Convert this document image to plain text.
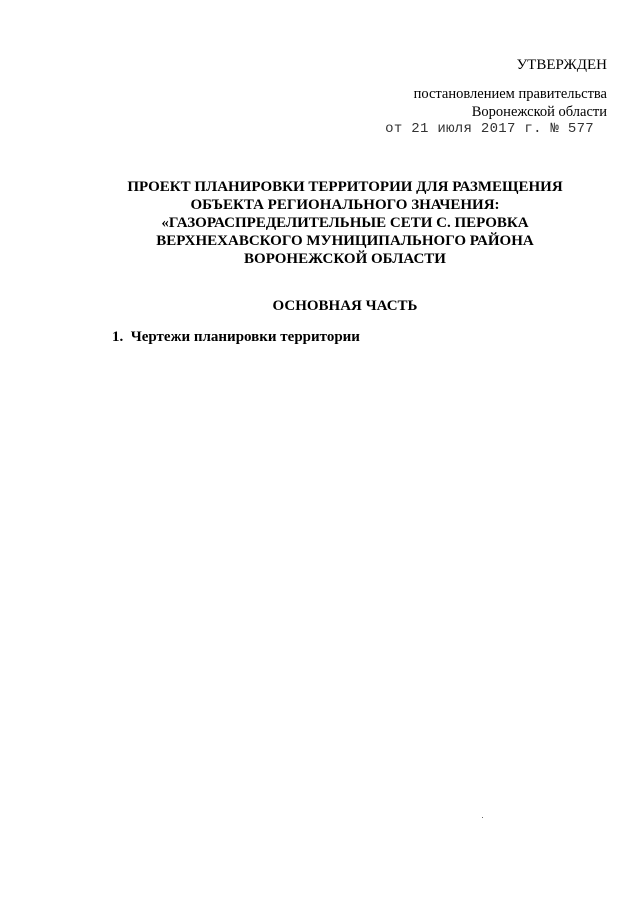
УТВЕРЖДЕН
постановлением правительства
Воронежской области
от 21 июля 2017 г. № 577
ПРОЕКТ ПЛАНИРОВКИ ТЕРРИТОРИИ ДЛЯ РАЗМЕЩЕНИЯ
ОБЪЕКТА РЕГИОНАЛЬНОГО ЗНАЧЕНИЯ:
«ГАЗОРАСПРЕДЕЛИТЕЛЬНЫЕ СЕТИ С. ПЕРОВКА
ВЕРХНЕХАВСКОГО МУНИЦИПАЛЬНОГО РАЙОНА
ВОРОНЕЖСКОЙ ОБЛАСТИ
ОСНОВНАЯ ЧАСТЬ
1.  Чертежи планировки территории
